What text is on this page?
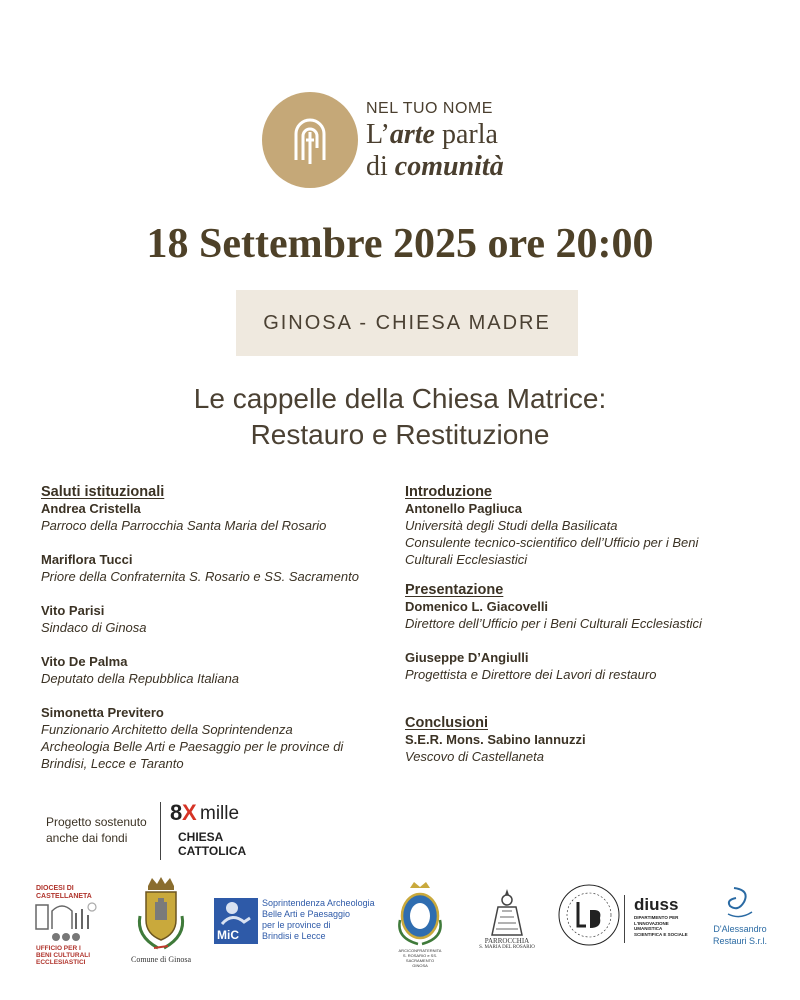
NEL TUO NOME
L’arte parla
di comunità
18 Settembre 2025 ore 20:00
GINOSA - CHIESA MADRE
Le cappelle della Chiesa Matrice:
Restauro e Restituzione
Saluti istituzionali
Andrea Cristella
Parroco della Parrocchia Santa Maria del Rosario
Mariflora Tucci
Priore della Confraternita S. Rosario e SS. Sacramento
Vito Parisi
Sindaco di Ginosa
Vito De Palma
Deputato della Repubblica Italiana
Simonetta Previtero
Funzionario Architetto della Soprintendenza
Archeologia Belle Arti e Paesaggio per le province di
Brindisi, Lecce e Taranto
Introduzione
Antonello Pagliuca
Università degli Studi della Basilicata
Consulente tecnico-scientifico dell’Ufficio per i Beni
Culturali Ecclesiastici
Presentazione
Domenico L. Giacovelli
Direttore dell’Ufficio per i Beni Culturali Ecclesiastici
Giuseppe D’Angiulli
Progettista e Direttore dei Lavori di restauro
Conclusioni
S.E.R. Mons. Sabino Iannuzzi
Vescovo di Castellaneta
Progetto sostenuto
anche dai fondi
8 X mille
CHIESA
CATTOLICA
DIOCESI DI
CASTELLANETA
UFFICIO PER I
BENI CULTURALI
ECCLESIASTICI	Comune di Ginosa
MiC
Soprintendenza Archeologia
Belle Arti e Paesaggio
per le province di
Brindisi e Lecce
ARCICONFRATERNITA
S. ROSARIO e SS. SACRAMENTO
GINOSA
PARROCCHIA
S. MARIA DEL ROSARIO
diuss
DIPARTIMENTO PER
L'INNOVAZIONE
UMANISTICA
SCIENTIFICA E SOCIALE	D'Alessandro
Restauri S.r.l.
